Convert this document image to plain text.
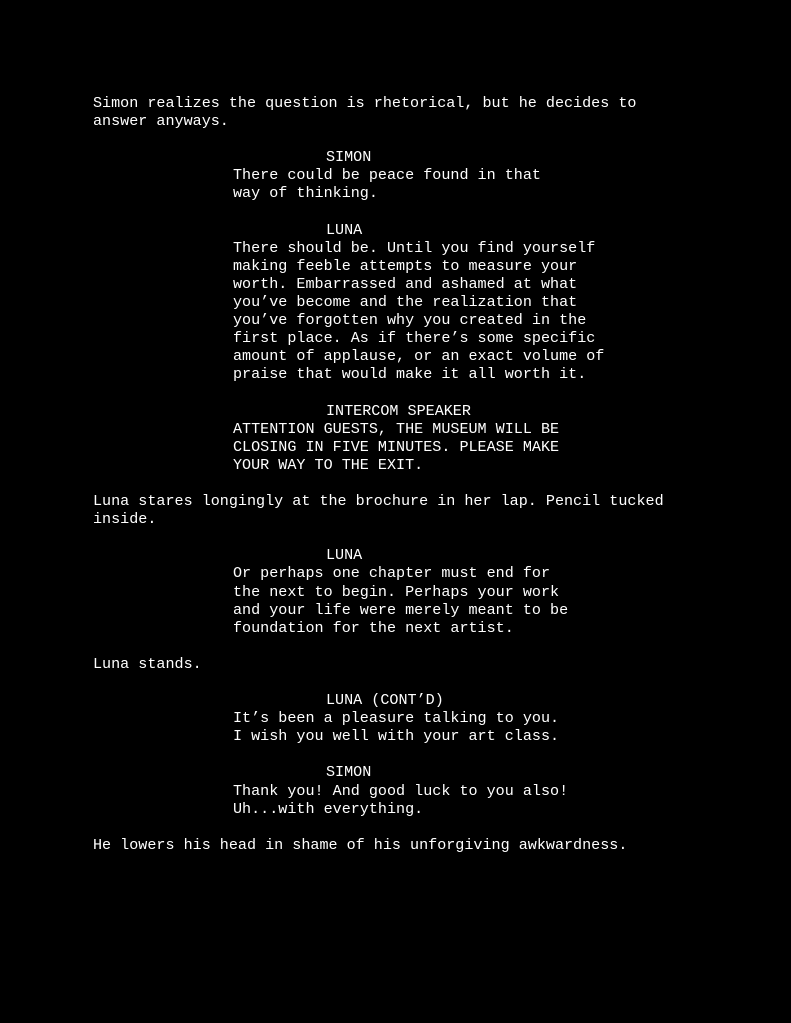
Simon realizes the question is rhetorical, but he decides to

answer anyways.

SIMON

There could be peace found in that

way of thinking.

LUNA

There should be. Until you find yourself

making feeble attempts to measure your

worth. Embarrassed and ashamed at what

you’ve become and the realization that

you’ve forgotten why you created in the

first place. As if there’s some specific

amount of applause, or an exact volume of

praise that would make it all worth it.

INTERCOM SPEAKER

ATTENTION GUESTS, THE MUSEUM WILL BE

CLOSING IN FIVE MINUTES. PLEASE MAKE

YOUR WAY TO THE EXIT.

Luna stares longingly at the brochure in her lap. Pencil tucked

inside.

LUNA

Or perhaps one chapter must end for

the next to begin. Perhaps your work

and your life were merely meant to be

foundation for the next artist.

Luna stands.

LUNA (CONT’D)

It’s been a pleasure talking to you.

I wish you well with your art class.

SIMON

Thank you! And good luck to you also!

Uh...with everything.

He lowers his head in shame of his unforgiving awkwardness.
